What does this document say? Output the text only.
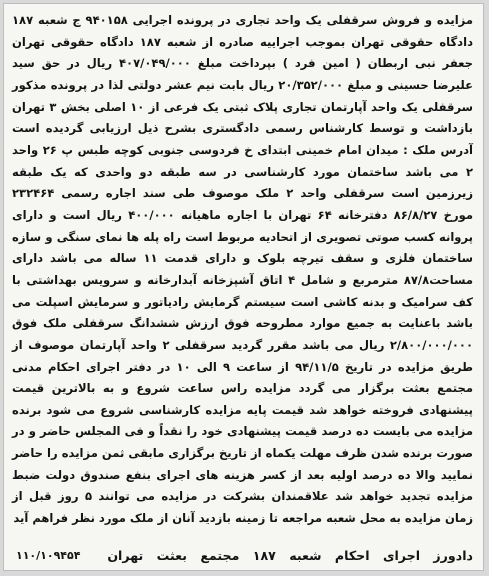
مزایده و فروش سرقفلی یک واحد تجاری در پرونده اجرایی ۹۴۰۱۵۸ ج شعبه ۱۸۷ دادگاه حقوقی تهران بموجب اجراییه صادره از شعبه ۱۸۷ دادگاه حقوقی تهران جعفر نبی اربطان ( امین فرد ) بپرداخت مبلغ ۴۰۷/۰۴۹/۰۰۰ ریال در حق سید علیرضا حسینی و مبلغ ۲۰/۳۵۲/۰۰۰ ریال بابت نیم عشر دولتی لذا در پرونده مذکور سرقفلی یک واحد آپارتمان تجاری پلاک ثبتی یک فرعی از ۱۰ اصلی بخش ۳ تهران بازداشت و توسط کارشناس رسمی دادگستری بشرح ذیل ارزیابی گردیده است آدرس ملک : میدان امام خمینی ابتدای خ فردوسی جنوبی کوچه طبس پ ۲۶ واحد ۲ می باشد ساختمان مورد کارشناسی در سه طبقه دو واحدی که یک طبقه زیرزمین است سرقفلی واحد ۲ ملک موصوف طی سند اجاره رسمی ۲۳۲۴۶۴ مورخ ۸۶/۸/۲۷ دفترخانه ۶۴ تهران با اجاره ماهیانه ۴۰۰/۰۰۰ ریال است و دارای پروانه کسب صوتی تصویری از اتحادیه مربوط است راه پله ها نمای سنگی و سازه ساختمان فلزی و سقف تیرچه بلوک و دارای قدمت ۱۱ ساله می باشد دارای مساحت۸۷/۸ مترمربع و شامل ۴ اتاق آشپزخانه آبدارخانه و سرویس بهداشتی با کف سرامیک و بدنه کاشی است سیستم گرمایش رادیاتور و سرمایش اسپلت می باشد باعنایت به جمیع موارد مطروحه فوق ارزش ششدانگ سرقفلی ملک فوق ۲/۸۰۰/۰۰۰/۰۰۰ ریال می باشد مقرر گردید سرقفلی ۲ واحد آپارتمان موصوف از طریق مزایده در تاریخ ۹۴/۱۱/۵ از ساعت ۹ الی ۱۰ در دفتر اجرای احکام مدنی مجتمع بعثت برگزار می گردد مزایده راس ساعت شروع و به بالاترین قیمت پیشنهادی فروخته خواهد شد قیمت پایه مزایده کارشناسی شروع می شود برنده مزایده می بایست ده درصد قیمت پیشنهادی خود را نقداً و فی المجلس حاضر و در صورت برنده شدن ظرف مهلت یکماه از تاریخ برگزاری مابقی ثمن مزایده را حاضر نمایید والا ده درصد اولیه بعد از کسر هزینه های اجرای بنفع صندوق دولت ضبط مزایده تجدید خواهد شد علاقمندان بشرکت در مزایده می توانند ۵ روز قبل از زمان مزایده به محل شعبه مراجعه تا زمینه بازدید آنان از ملک مورد نظر فراهم آید

دادورز اجرای احکام شعبه ۱۸۷ مجتمع بعثت تهران
۱۱۰/۱۰۹۴۵۴
